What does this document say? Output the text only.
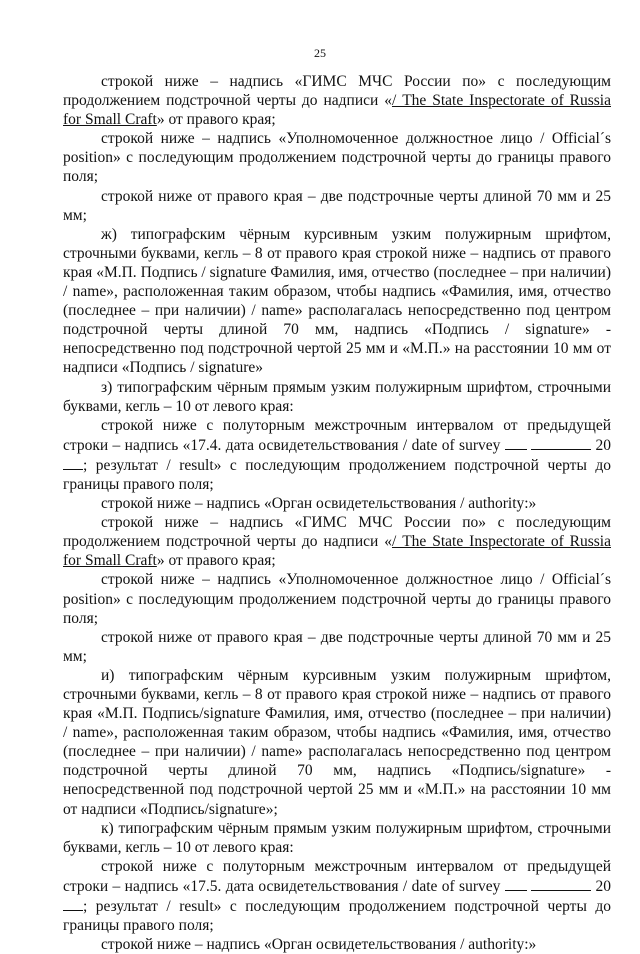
25

строкой ниже – надпись «ГИМС МЧС России по» с последующим продолжением подстрочной черты до надписи «/ The State Inspectorate of Russia for Small Craft» от правого края;

строкой ниже – надпись «Уполномоченное должностное лицо / Official´s position» с последующим продолжением подстрочной черты до границы правого поля;

строкой ниже от правого края – две подстрочные черты длиной 70 мм и 25 мм;

ж) типографским чёрным курсивным узким полужирным шрифтом, строчными буквами, кегль – 8 от правого края строкой ниже – надпись от правого края «М.П. Подпись / signature Фамилия, имя, отчество (последнее – при наличии) / name», расположенная таким образом, чтобы надпись «Фамилия, имя, отчество (последнее – при наличии) / name» располагалась непосредственно под центром подстрочной черты длиной 70 мм, надпись «Подпись / signature» - непосредственно под подстрочной чертой 25 мм и «М.П.» на расстоянии 10 мм от надписи «Подпись / signature»

з) типографским чёрным прямым узким полужирным шрифтом, строчными буквами, кегль – 10 от левого края:

строкой ниже с полуторным межстрочным интервалом от предыдущей строки – надпись «17.4. дата освидетельствования / date of survey	20; результат / result» с последующим продолжением подстрочной черты до границы правого поля;

строкой ниже – надпись «Орган освидетельствования / authority:»

строкой ниже – надпись «ГИМС МЧС России по» с последующим продолжением подстрочной черты до надписи «/ The State Inspectorate of Russia for Small Craft» от правого края;

строкой ниже – надпись «Уполномоченное должностное лицо / Official´s position» с последующим продолжением подстрочной черты до границы правого поля;

строкой ниже от правого края – две подстрочные черты длиной 70 мм и 25 мм;

и) типографским чёрным курсивным узким полужирным шрифтом, строчными буквами, кегль – 8 от правого края строкой ниже – надпись от правого края «М.П. Подпись/signature Фамилия, имя, отчество (последнее – при наличии) / name», расположенная таким образом, чтобы надпись «Фамилия, имя, отчество (последнее – при наличии) / name» располагалась непосредственно под центром подстрочной черты длиной 70 мм, надпись «Подпись/signature» - непосредственной под подстрочной чертой 25 мм и «М.П.» на расстоянии 10 мм от надписи «Подпись/signature»;

к) типографским чёрным прямым узким полужирным шрифтом, строчными буквами, кегль – 10 от левого края:

строкой ниже с полуторным межстрочным интервалом от предыдущей строки – надпись «17.5. дата освидетельствования / date of survey	20; результат / result» с последующим продолжением подстрочной черты до границы правого поля;

строкой ниже – надпись «Орган освидетельствования / authority:»
